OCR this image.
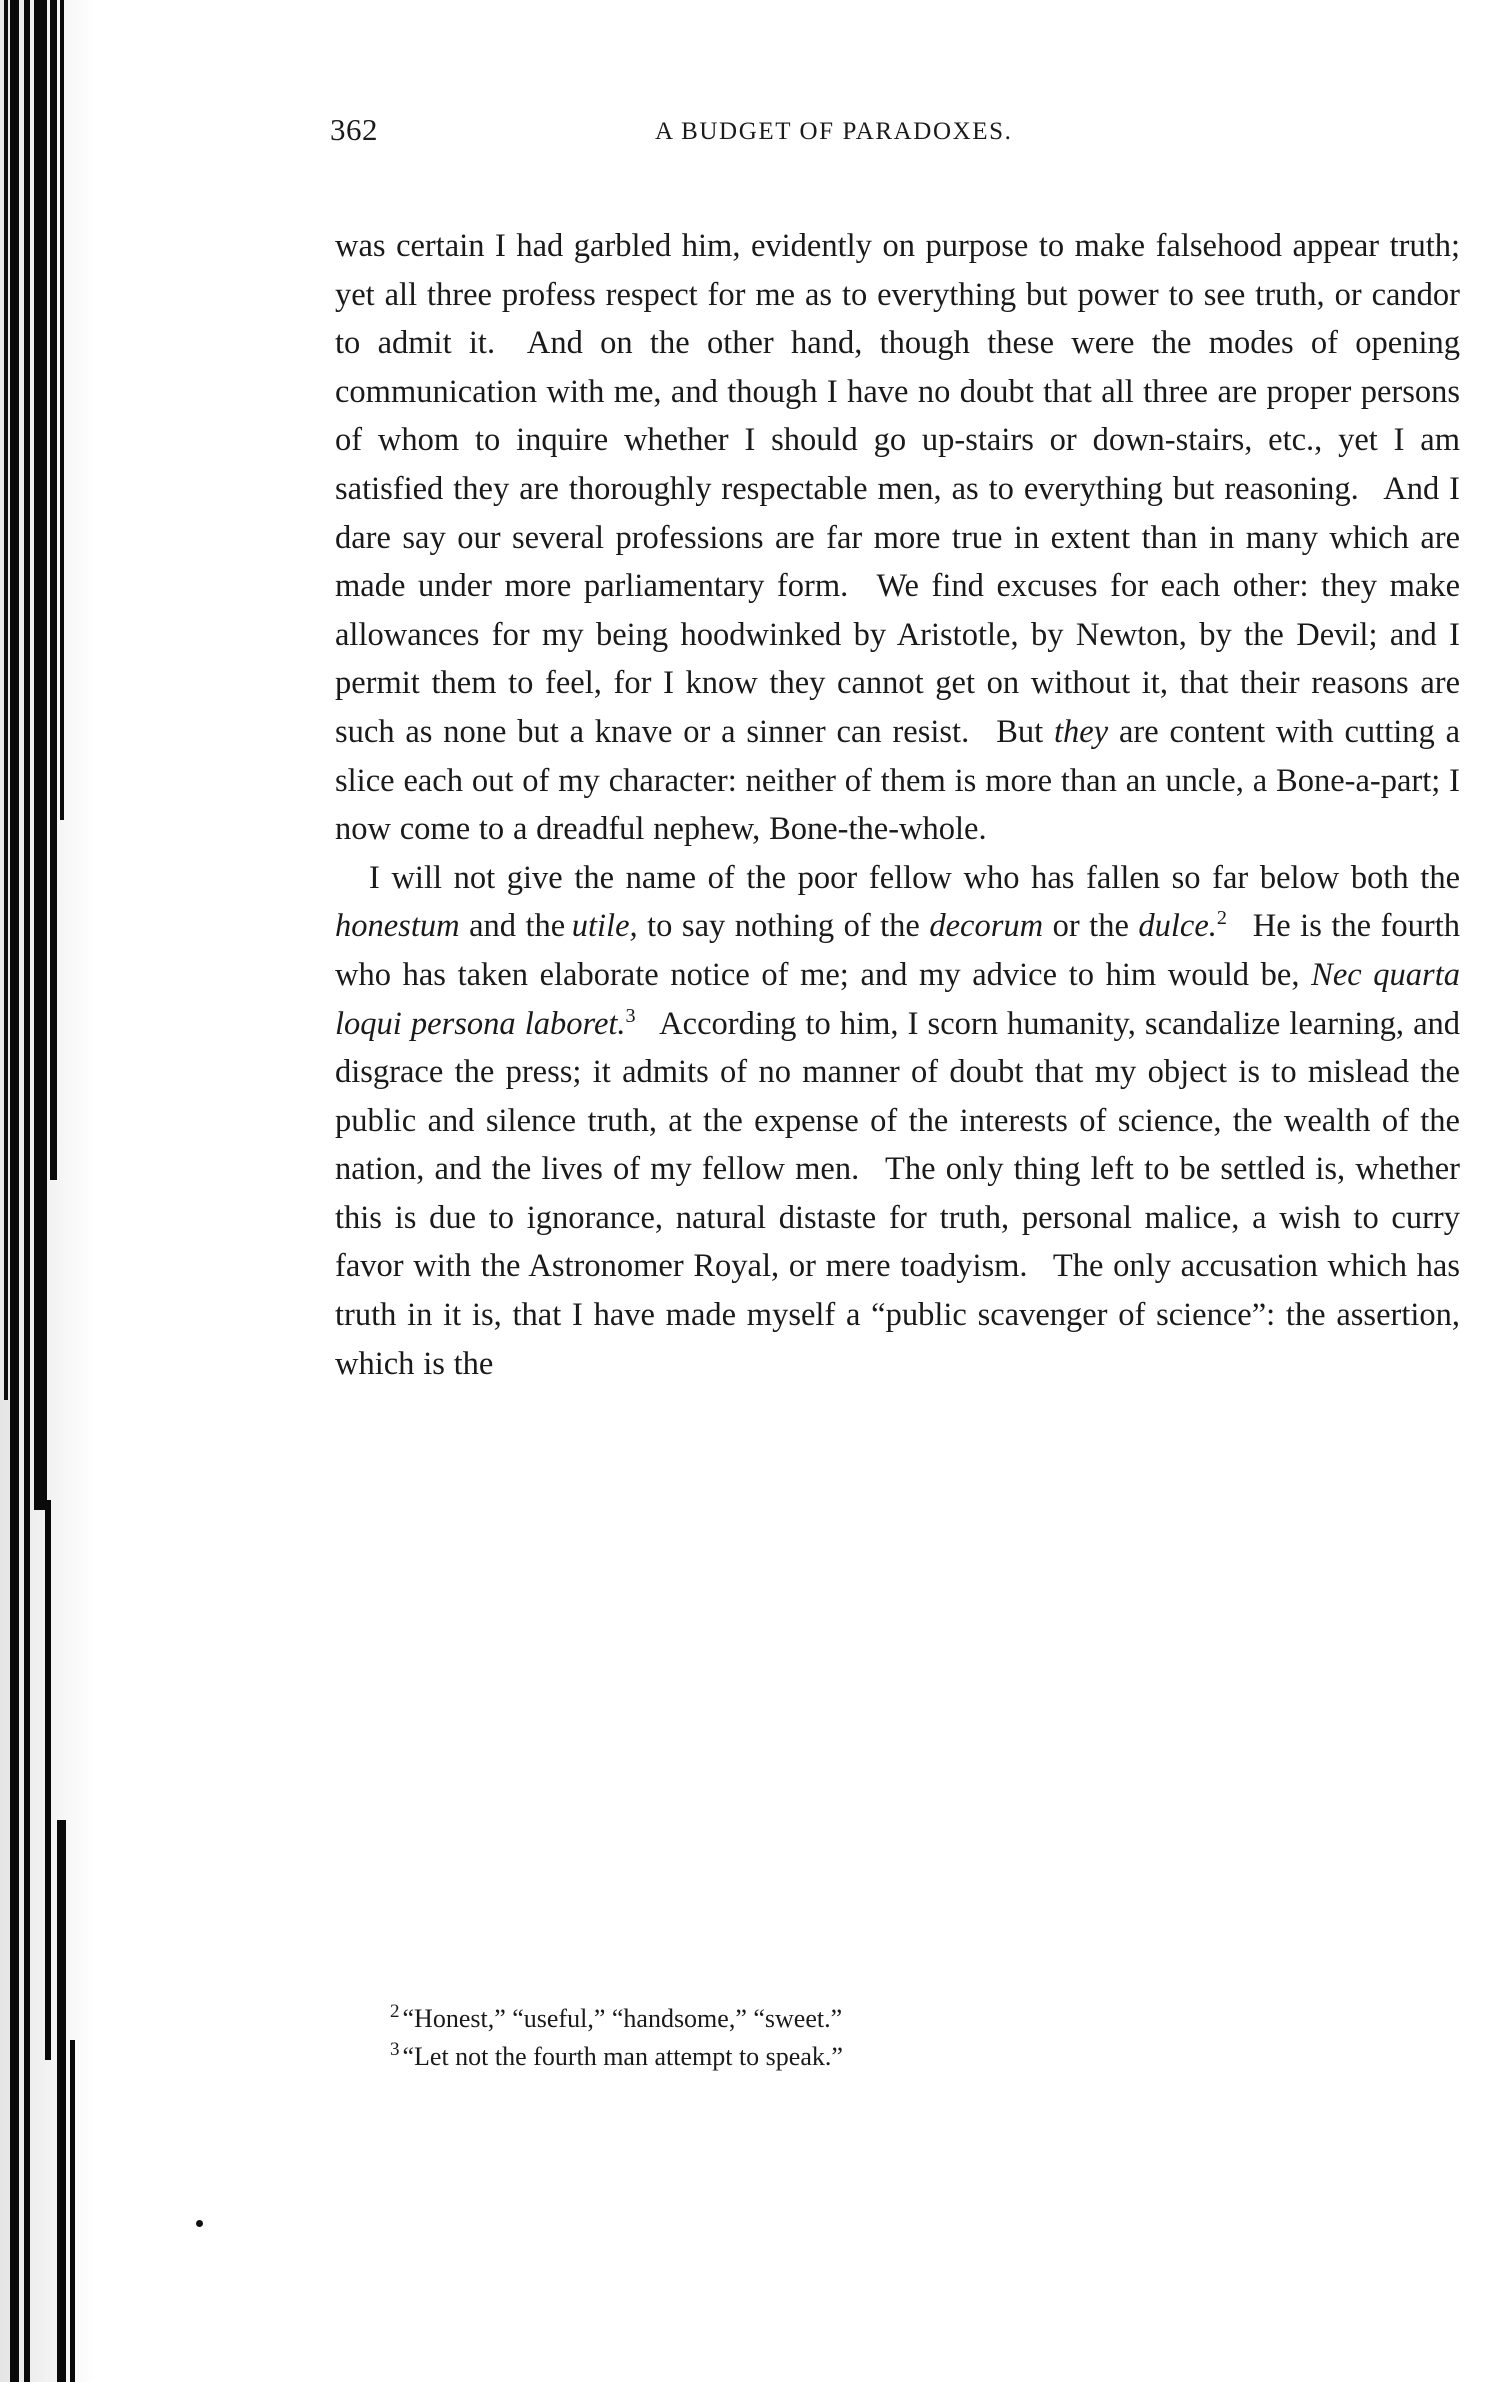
362	A BUDGET OF PARADOXES.

was certain I had garbled him, evidently on purpose to make falsehood appear truth; yet all three profess respect for me as to everything but power to see truth, or candor to admit it.  And on the other hand, though these were the modes of opening communication with me, and though I have no doubt that all three are proper persons of whom to inquire whether I should go up-stairs or down-stairs, etc., yet I am satisfied they are thoroughly respectable men, as to everything but reasoning.  And I dare say our several professions are far more true in extent than in many which are made under more parliamentary form.  We find excuses for each other: they make allowances for my being hoodwinked by Aristotle, by Newton, by the Devil; and I permit them to feel, for I know they cannot get on without it, that their reasons are such as none but a knave or a sinner can resist.  But they are content with cutting a slice each out of my character: neither of them is more than an uncle, a Bone-a-part; I now come to a dreadful nephew, Bone-the-whole.

I will not give the name of the poor fellow who has fallen so far below both the honestum and the utile, to say nothing of the decorum or the dulce.$^2$  He is the fourth who has taken elaborate notice of me; and my advice to him would be, Nec quarta loqui persona laboret.$^3$  According to him, I scorn humanity, scandalize learning, and disgrace the press; it admits of no manner of doubt that my object is to mislead the public and silence truth, at the expense of the interests of science, the wealth of the nation, and the lives of my fellow men.  The only thing left to be settled is, whether this is due to ignorance, natural distaste for truth, personal malice, a wish to curry favor with the Astronomer Royal, or mere toadyism.  The only accusation which has truth in it is, that I have made myself a “public scavenger of science”: the assertion, which is the

$^2$ “Honest,” “useful,” “handsome,” “sweet.”

$^3$ “Let not the fourth man attempt to speak.”
